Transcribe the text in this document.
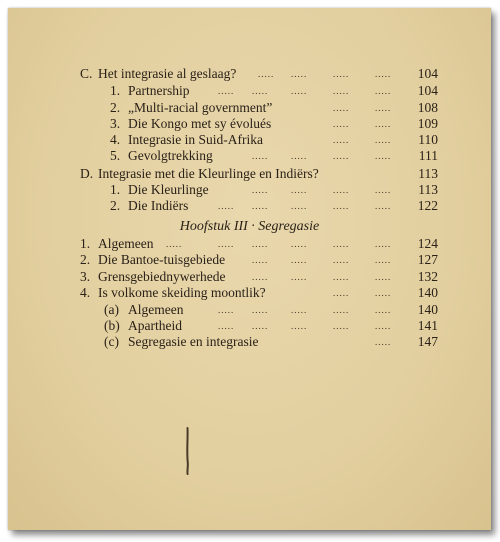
C. Het integrasie al geslaag? ..... .....	.....	.....	104
1. Partnership	..... .....	.....	.....	.....	104
2. „Multi-racial government”	.....	.....	108
3. Die Kongo met sy évolués	.....	.....	109
4. Integrasie in Suid-Afrika	.....	.....	110
5. Gevolgtrekking	.....	.....	.....	.....	111
D. Integrasie met die Kleurlinge en Indiërs?	113
1. Die Kleurlinge	.....	.....	.....	.....	113
2. Die Indiërs	..... .....	.....	.....	.....	122
Hoofstuk III · Segregasie
1. Algemeen .....	..... .....	.....	.....	.....	124
2. Die Bantoe-tuisgebiede	.....	.....	.....	.....	127
3. Grensgebiednywerhede	.....	.....	.....	.....	132
4. Is volkome skeiding moontlik?	.....	.....	140
(a) Algemeen	..... .....	.....	.....	.....	140
(b) Apartheid	..... .....	.....	.....	.....	141
(c) Segregasie en integrasie	.....	147
